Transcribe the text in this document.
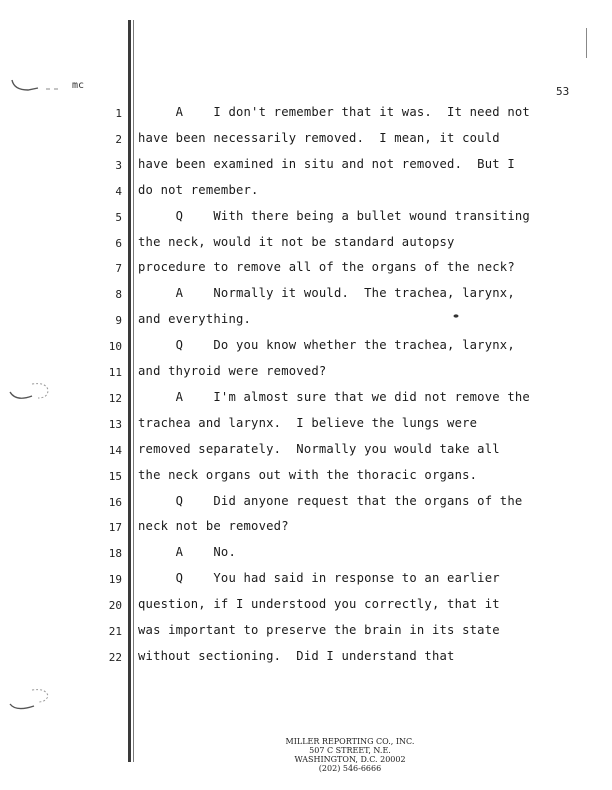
mc	53
1 A    I don't remember that it was.  It need not
2 have been necessarily removed.  I mean, it could
3 have been examined in situ and not removed.  But I
4 do not remember.
5 Q    With there being a bullet wound transiting
6 the neck, would it not be standard autopsy
7 procedure to remove all of the organs of the neck?
8 A    Normally it would.  The trachea, larynx,
9 and everything.
10 Q    Do you know whether the trachea, larynx,
11 and thyroid were removed?
12 A    I'm almost sure that we did not remove the
13 trachea and larynx.  I believe the lungs were
14 removed separately.  Normally you would take all
15 the neck organs out with the thoracic organs.
16 Q    Did anyone request that the organs of the
17 neck not be removed?
18 A    No.
19 Q    You had said in response to an earlier
20 question, if I understood you correctly, that it
21 was important to preserve the brain in its state
22 without sectioning.  Did I understand that
MILLER REPORTING CO., INC.
507 C STREET, N.E.
WASHINGTON, D.C. 20002
(202) 546-6666
